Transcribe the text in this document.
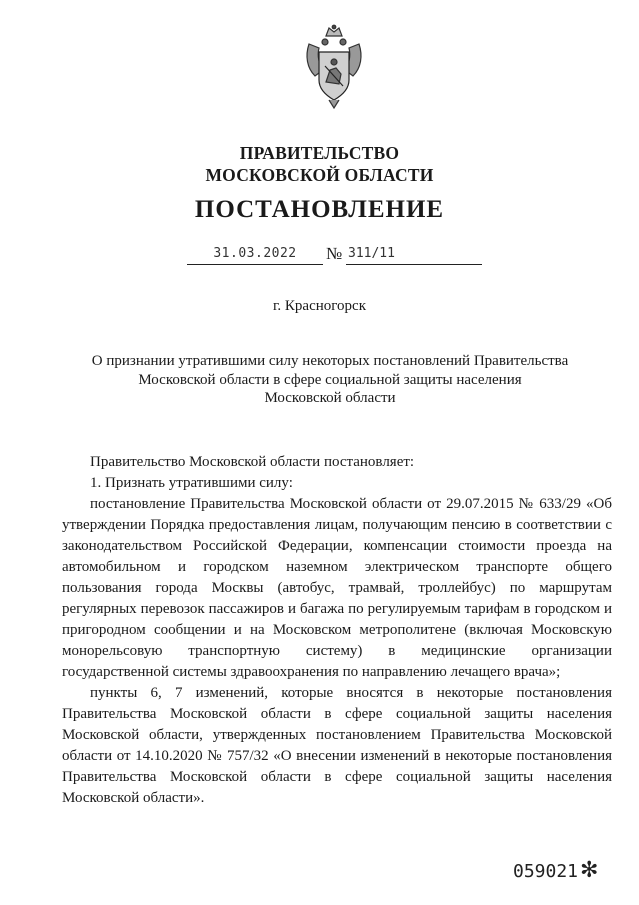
ПРАВИТЕЛЬСТВО
МОСКОВСКОЙ ОБЛАСТИ
ПОСТАНОВЛЕНИЕ
31.03.2022	№ 311/11
г. Красногорск
О признании утратившими силу некоторых постановлений Правительства
Московской области в сфере социальной защиты населения
Московской области

Правительство Московской области постановляет:

1. Признать утратившими силу:

постановление Правительства Московской области от 29.07.2015 № 633/29 «Об утверждении Порядка предоставления лицам, получающим пенсию в соответствии с законодательством Российской Федерации, компенсации стоимости проезда на автомобильном и городском наземном электрическом транспорте общего пользования города Москвы (автобус, трамвай, троллейбус) по маршрутам регулярных перевозок пассажиров и багажа по регулируемым тарифам в городском и пригородном сообщении и на Московском метрополитене (включая Московскую монорельсовую транспортную систему) в медицинские организации государственной системы здравоохранения по направлению лечащего врача»;

пункты 6, 7 изменений, которые вносятся в некоторые постановления Правительства Московской области в сфере социальной защиты населения Московской области, утвержденных постановлением Правительства Московской области от 14.10.2020 № 757/32 «О внесении изменений в некоторые постановления Правительства Московской области в сфере социальной защиты населения Московской области».

059021✻
